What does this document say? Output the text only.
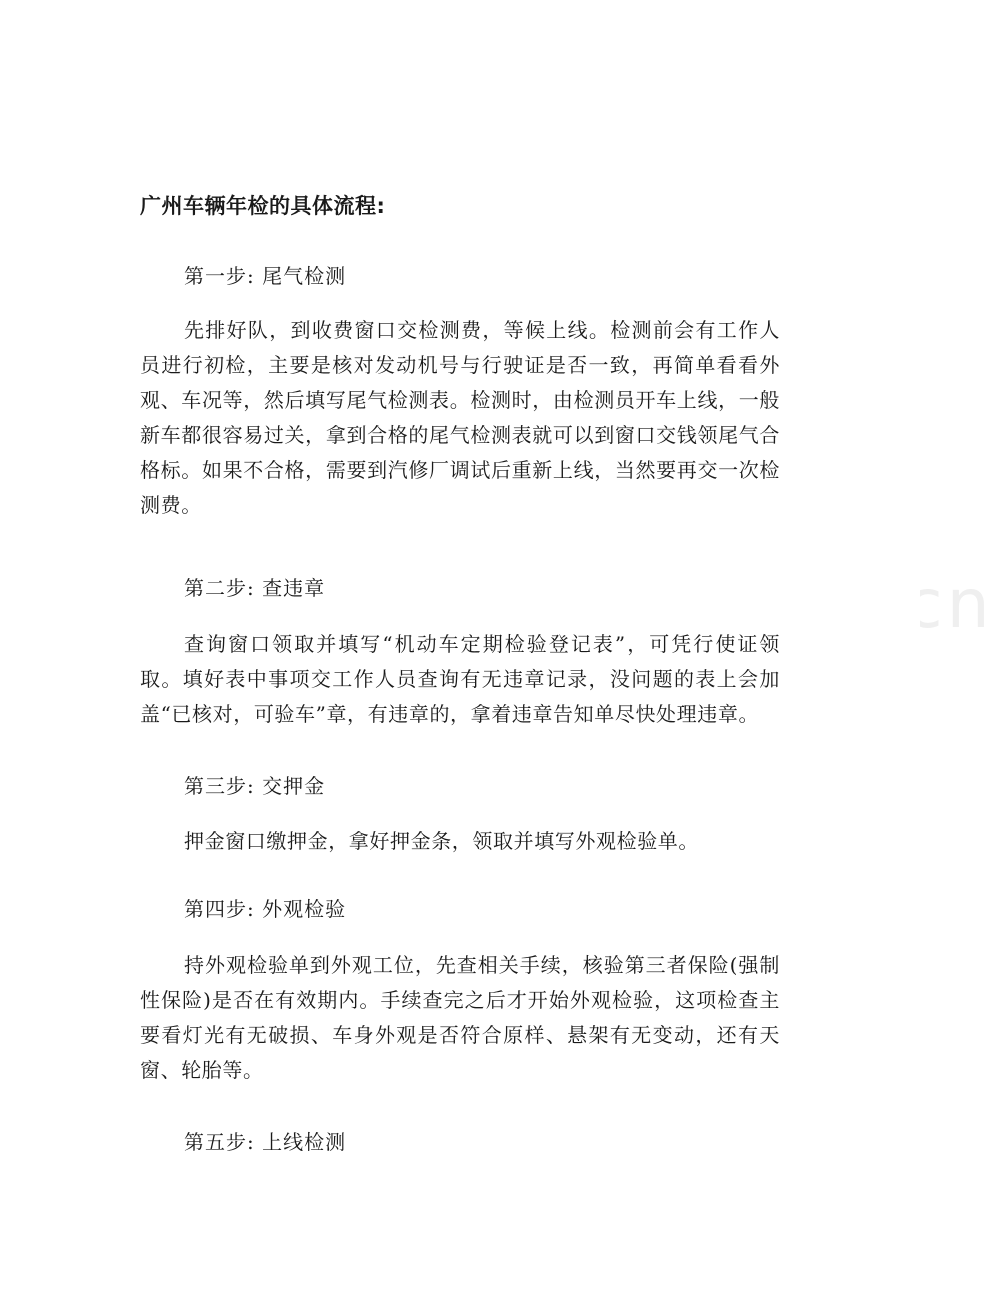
zixin.com.cn
广州车辆年检的具体流程:
第一步: 尾气检测

先排好队，到收费窗口交检测费，等候上线。检测前会有工作人员进行初检，主要是核对发动机号与行驶证是否一致，再简单看看外观、车况等，然后填写尾气检测表。检测时，由检测员开车上线，一般新车都很容易过关，拿到合格的尾气检测表就可以到窗口交钱领尾气合格标。如果不合格，需要到汽修厂调试后重新上线，当然要再交一次检测费。

第二步: 查违章

查询窗口领取并填写“机动车定期检验登记表”，可凭行使证领取。填好表中事项交工作人员查询有无违章记录，没问题的表上会加盖“已核对，可验车”章，有违章的，拿着违章告知单尽快处理违章。

第三步: 交押金

押金窗口缴押金，拿好押金条，领取并填写外观检验单。

第四步: 外观检验

持外观检验单到外观工位，先查相关手续，核验第三者保险(强制性保险)是否在有效期内。手续查完之后才开始外观检验，这项检查主要看灯光有无破损、车身外观是否符合原样、悬架有无变动，还有天窗、轮胎等。

第五步: 上线检测
